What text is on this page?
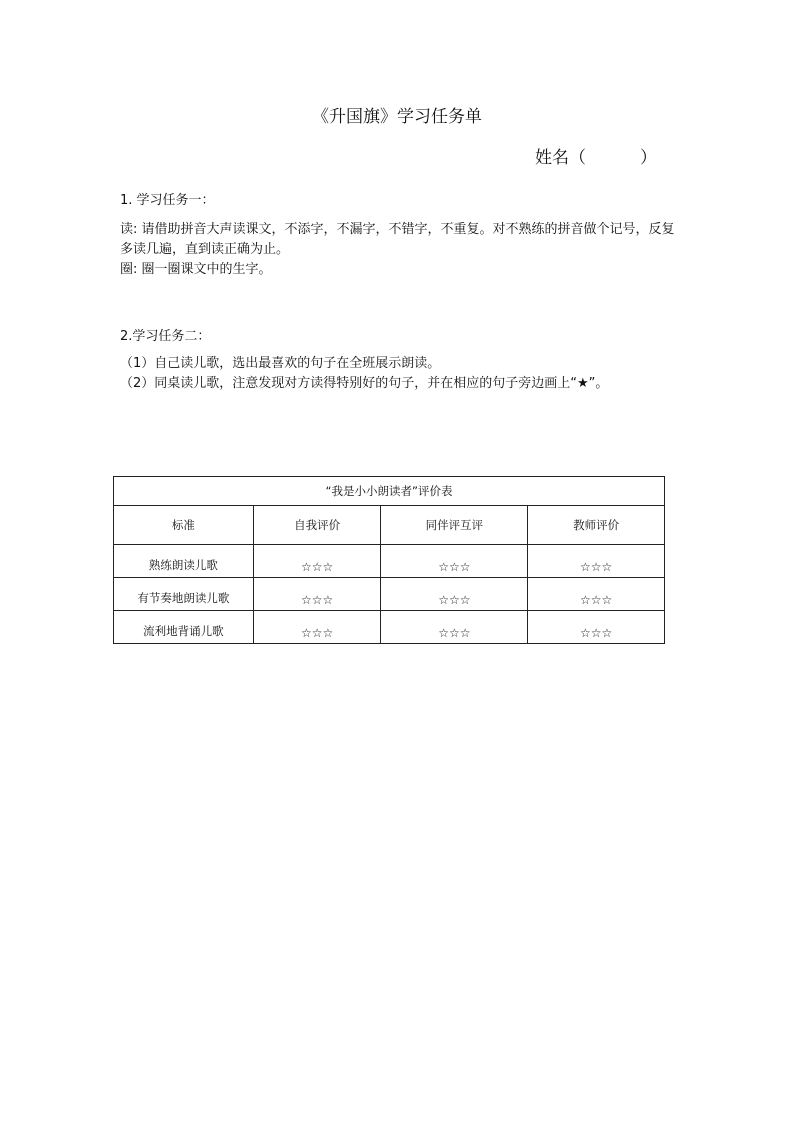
《升国旗》学习任务单
姓名（          ）
1. 学习任务一：

读: 请借助拼音大声读课文，不添字，不漏字，不错字，不重复。对不熟练的拼音做个记号，反复多读几遍，直到读正确为止。

圈: 圈一圈课文中的生字。

2.学习任务二：

（1）自己读儿歌，选出最喜欢的句子在全班展示朗读。

（2）同桌读儿歌，注意发现对方读得特别好的句子，并在相应的句子旁边画上“★”。

“我是小小朗读者”评价表			
标准	自我评价	同伴评互评	教师评价
熟练朗读儿歌	☆☆☆	☆☆☆	☆☆☆
有节奏地朗读儿歌	☆☆☆	☆☆☆	☆☆☆
流利地背诵儿歌	☆☆☆	☆☆☆	☆☆☆
